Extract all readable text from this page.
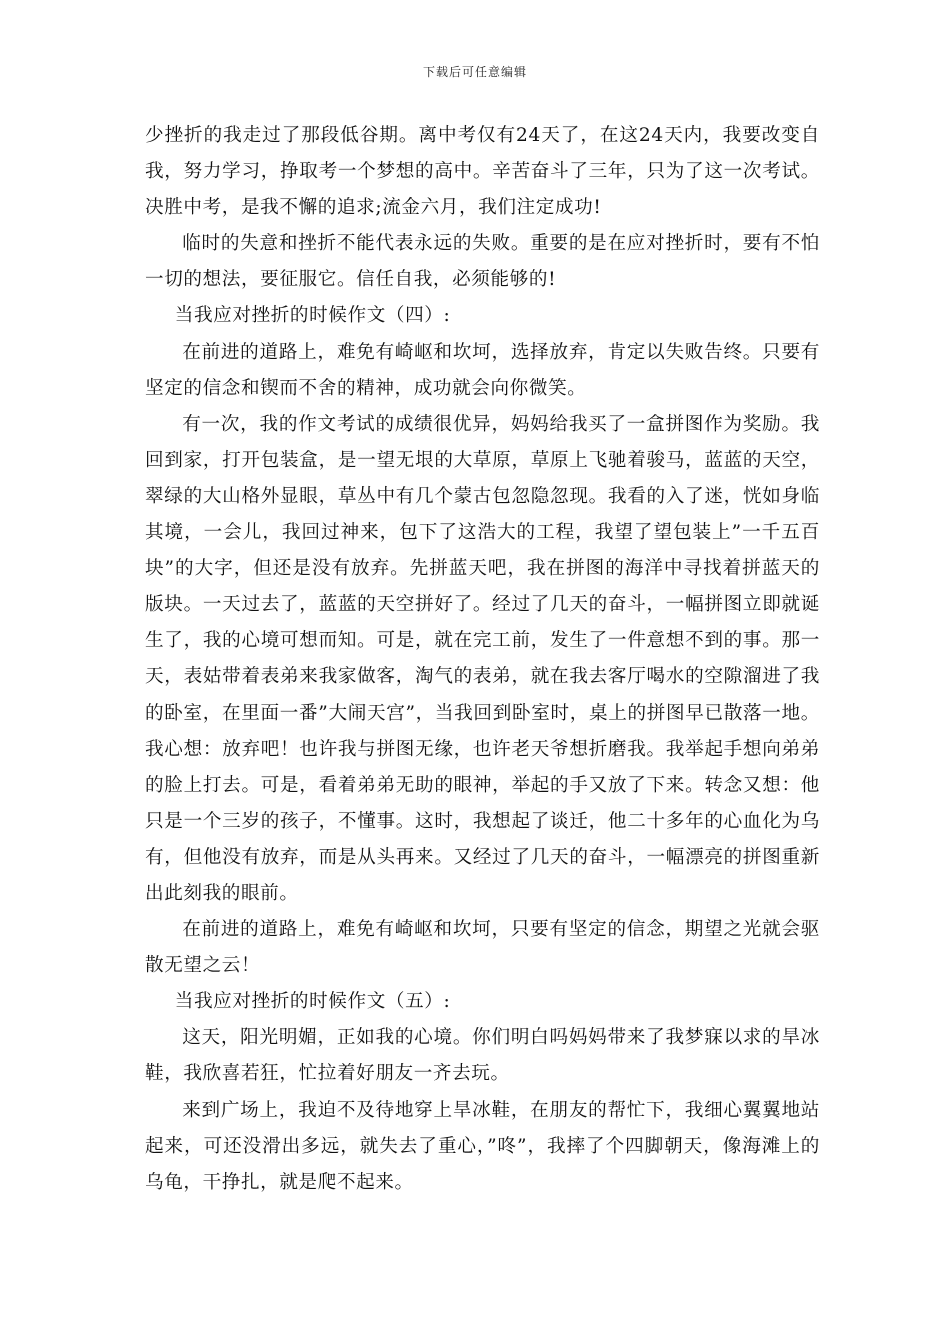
下载后可任意编辑

少挫折的我走过了那段低谷期。离中考仅有24天了，在这24天内，我要改变自我，努力学习，挣取考一个梦想的高中。辛苦奋斗了三年，只为了这一次考试。决胜中考，是我不懈的追求;流金六月，我们注定成功!

临时的失意和挫折不能代表永远的失败。重要的是在应对挫折时，要有不怕一切的想法，要征服它。信任自我，必须能够的!

当我应对挫折的时候作文（四）:

在前进的道路上，难免有崎岖和坎坷，选择放弃，肯定以失败告终。只要有坚定的信念和锲而不舍的精神，成功就会向你微笑。

有一次，我的作文考试的成绩很优异，妈妈给我买了一盒拼图作为奖励。我回到家，打开包装盒，是一望无垠的大草原，草原上飞驰着骏马，蓝蓝的天空，翠绿的大山格外显眼，草丛中有几个蒙古包忽隐忽现。我看的入了迷，恍如身临其境，一会儿，我回过神来，包下了这浩大的工程，我望了望包装上”一千五百块”的大字，但还是没有放弃。先拼蓝天吧，我在拼图的海洋中寻找着拼蓝天的版块。一天过去了，蓝蓝的天空拼好了。经过了几天的奋斗，一幅拼图立即就诞生了，我的心境可想而知。可是，就在完工前，发生了一件意想不到的事。那一天，表姑带着表弟来我家做客，淘气的表弟，就在我去客厅喝水的空隙溜进了我的卧室，在里面一番”大闹天宫”，当我回到卧室时，桌上的拼图早已散落一地。我心想：放弃吧！也许我与拼图无缘，也许老天爷想折磨我。我举起手想向弟弟的脸上打去。可是，看着弟弟无助的眼神，举起的手又放了下来。转念又想：他只是一个三岁的孩子，不懂事。这时，我想起了谈迁，他二十多年的心血化为乌有，但他没有放弃，而是从头再来。又经过了几天的奋斗，一幅漂亮的拼图重新出此刻我的眼前。

在前进的道路上，难免有崎岖和坎坷，只要有坚定的信念，期望之光就会驱散无望之云！

当我应对挫折的时候作文（五）:

这天，阳光明媚，正如我的心境。你们明白吗妈妈带来了我梦寐以求的旱冰鞋，我欣喜若狂，忙拉着好朋友一齐去玩。

来到广场上，我迫不及待地穿上旱冰鞋，在朋友的帮忙下，我细心翼翼地站起来，可还没滑出多远，就失去了重心，”咚”，我摔了个四脚朝天，像海滩上的乌龟，干挣扎，就是爬不起来。
